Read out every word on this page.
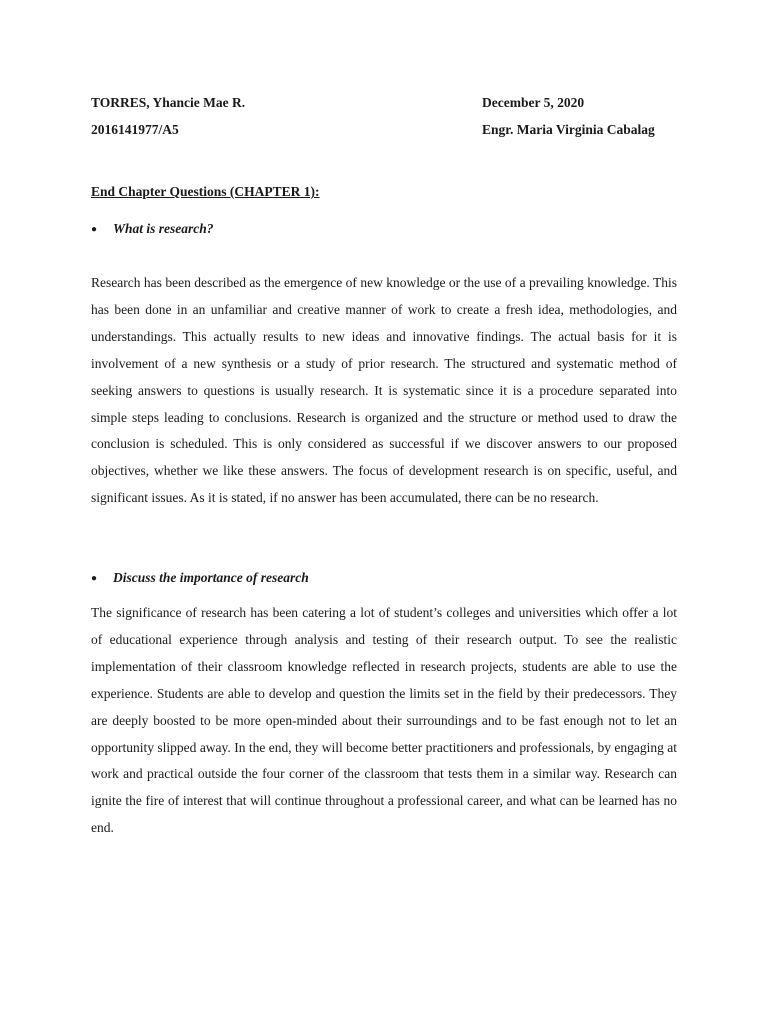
TORRES, Yhancie Mae R.	December 5, 2020
2016141977/A5	Engr. Maria Virginia Cabalag
End Chapter Questions (CHAPTER 1):
● What is research?

Research has been described as the emergence of new knowledge or the use of a prevailing knowledge. This has been done in an unfamiliar and creative manner of work to create a fresh idea, methodologies, and understandings. This actually results to new ideas and innovative findings. The actual basis for it is involvement of a new synthesis or a study of prior research. The structured and systematic method of seeking answers to questions is usually research. It is systematic since it is a procedure separated into simple steps leading to conclusions. Research is organized and the structure or method used to draw the conclusion is scheduled. This is only considered as successful if we discover answers to our proposed objectives, whether we like these answers. The focus of development research is on specific, useful, and significant issues. As it is stated, if no answer has been accumulated, there can be no research.

● Discuss the importance of research

The significance of research has been catering a lot of student’s colleges and universities which offer a lot of educational experience through analysis and testing of their research output. To see the realistic implementation of their classroom knowledge reflected in research projects, students are able to use the experience. Students are able to develop and question the limits set in the field by their predecessors. They are deeply boosted to be more open-minded about their surroundings and to be fast enough not to let an opportunity slipped away. In the end, they will become better practitioners and professionals, by engaging at work and practical outside the four corner of the classroom that tests them in a similar way. Research can ignite the fire of interest that will continue throughout a professional career, and what can be learned has no end.
